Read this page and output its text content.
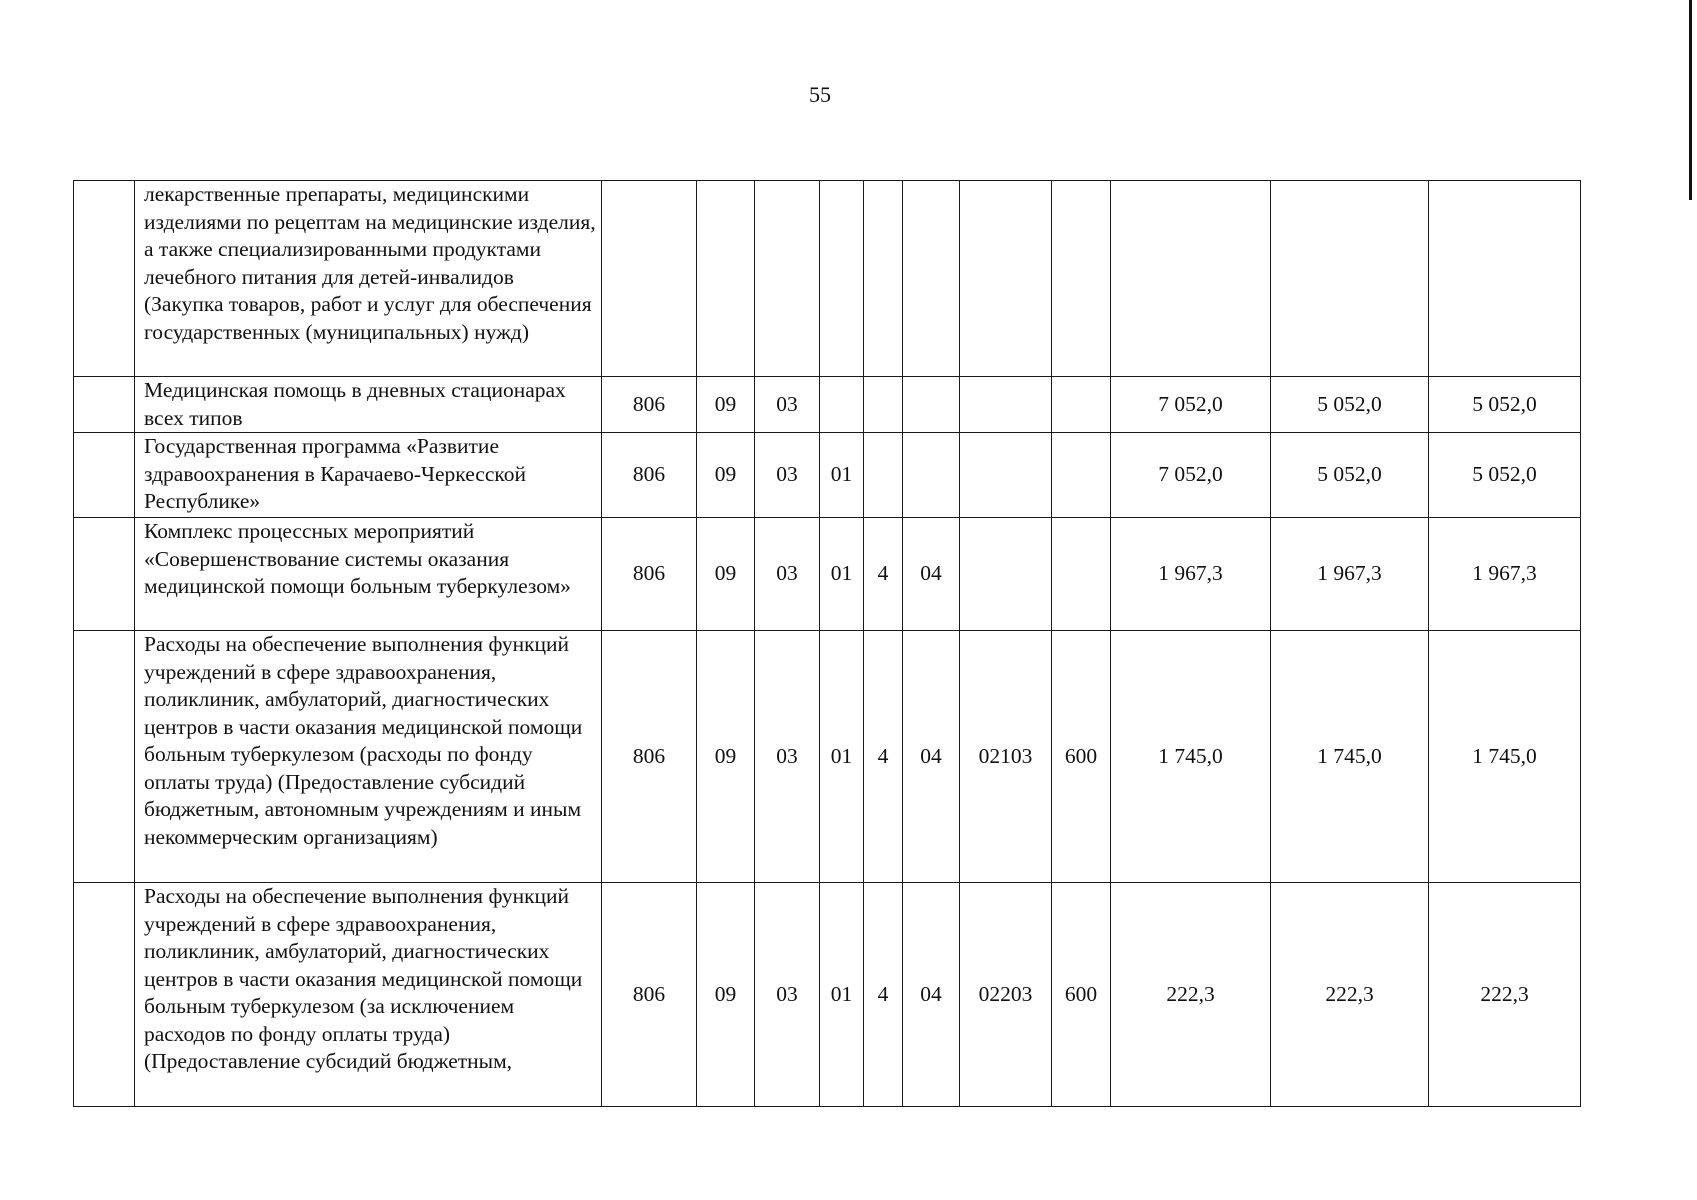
55
	лекарственные препараты, медицинскими изделиями по рецептам на медицинские изделия, а также специализированными продуктами лечебного питания для детей-инвалидов (Закупка товаров, работ и услуг для обеспечения государственных (муниципальных) нужд)											
	Медицинская помощь в дневных стационарах всех типов	806	09	03						7 052,0	5 052,0	5 052,0
	Государственная программа «Развитие здравоохранения в Карачаево-Черкесской Республике»	806	09	03	01					7 052,0	5 052,0	5 052,0
	Комплекс процессных мероприятий «Совершенствование системы оказания медицинской помощи больным туберкулезом»	806	09	03	01	4	04			1 967,3	1 967,3	1 967,3
	Расходы на обеспечение выполнения функций учреждений в сфере здравоохранения, поликлиник, амбулаторий, диагностических центров в части оказания медицинской помощи больным туберкулезом (расходы по фонду оплаты труда) (Предоставление субсидий бюджетным, автономным учреждениям и иным некоммерческим организациям)	806	09	03	01	4	04	02103	600	1 745,0	1 745,0	1 745,0
	Расходы на обеспечение выполнения функций учреждений в сфере здравоохранения, поликлиник, амбулаторий, диагностических центров в части оказания медицинской помощи больным туберкулезом (за исключением расходов по фонду оплаты труда) (Предоставление субсидий бюджетным,	806	09	03	01	4	04	02203	600	222,3	222,3	222,3
